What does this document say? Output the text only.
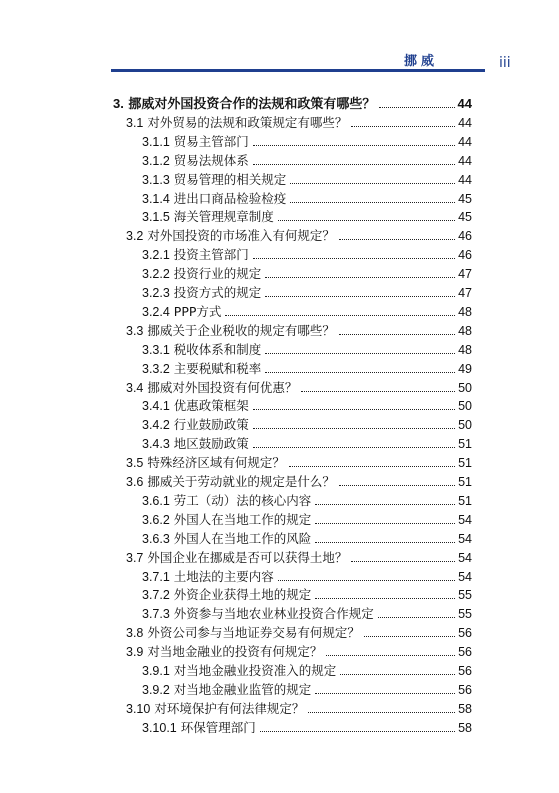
挪威	iii
3. 挪威对外国投资合作的法规和政策有哪些？	44
3.1 对外贸易的法规和政策规定有哪些？	44
3.1.1 贸易主管部门	44
3.1.2 贸易法规体系	44
3.1.3 贸易管理的相关规定	44
3.1.4 进出口商品检验检疫	45
3.1.5 海关管理规章制度	45
3.2 对外国投资的市场准入有何规定？	46
3.2.1 投资主管部门	46
3.2.2 投资行业的规定	47
3.2.3 投资方式的规定	47
3.2.4 PPP方式	48
3.3 挪威关于企业税收的规定有哪些？	48
3.3.1 税收体系和制度	48
3.3.2 主要税赋和税率	49
3.4 挪威对外国投资有何优惠？	50
3.4.1 优惠政策框架	50
3.4.2 行业鼓励政策	50
3.4.3 地区鼓励政策	51
3.5 特殊经济区域有何规定？	51
3.6 挪威关于劳动就业的规定是什么？	51
3.6.1 劳工（动）法的核心内容	51
3.6.2 外国人在当地工作的规定	54
3.6.3 外国人在当地工作的风险	54
3.7 外国企业在挪威是否可以获得土地？	54
3.7.1 土地法的主要内容	54
3.7.2 外资企业获得土地的规定	55
3.7.3 外资参与当地农业林业投资合作规定	55
3.8 外资公司参与当地证券交易有何规定？	56
3.9 对当地金融业的投资有何规定？	56
3.9.1 对当地金融业投资准入的规定	56
3.9.2 对当地金融业监管的规定	56
3.10 对环境保护有何法律规定？	58
3.10.1 环保管理部门	58
